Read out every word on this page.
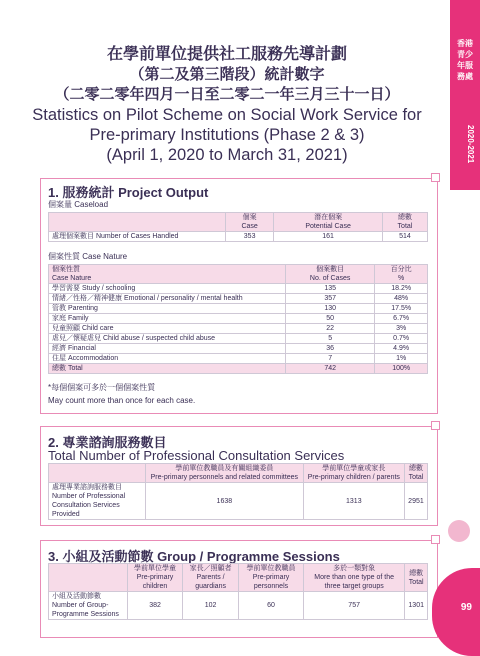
香港青少年服務處
2020-2021
在學前單位提供社工服務先導計劃
（第二及第三階段）統計數字
（二零二零年四月一日至二零二一年三月三十一日）
Statistics on Pilot Scheme on Social Work Service for
Pre-primary Institutions (Phase 2 & 3)
(April 1, 2020 to March 31, 2021)
1. 服務統計 Project Output
個案量 Caseload
	個案
Case	潛在個案
Potential Case	總數
Total
處理個案數目 Number of Cases Handled	353	161	514
個案性質 Case Nature
個案性質
Case Nature	個案數目
No. of Cases	百分比
%
學習需要 Study / schooling	135	18.2%
情緒／性格／精神健康 Emotional / personality / mental health	357	48%
管教 Parenting	130	17.5%
家庭 Family	50	6.7%
兒童照顧 Child care	22	3%
虐兒／懷疑虐兒 Child abuse / suspected child abuse	5	0.7%
經濟 Financial	36	4.9%
住屋 Accommodation	7	1%
總數 Total	742	100%
*每個個案可多於一個個案性質
May count more than once for each case.
2. 專業諮詢服務數目
Total Number of Professional Consultation Services
	學前單位教職員及有關組織委員
Pre-primary personnels and related committees	學前單位學童或家長
Pre-primary children / parents	總數
Total
處理專業諮詢服務數目
Number of Professional Consultation Services Provided	1638	1313	2951
3. 小組及活動節數 Group / Programme Sessions
	學前單位學童
Pre-primary children	家長／照顧者
Parents / guardians	學前單位教職員
Pre-primary personnels	多於一類對象
More than one type of the three target groups	總數
Total
小組及活動節數
Number of Group-Programme Sessions	382	102	60	757	1301	99
